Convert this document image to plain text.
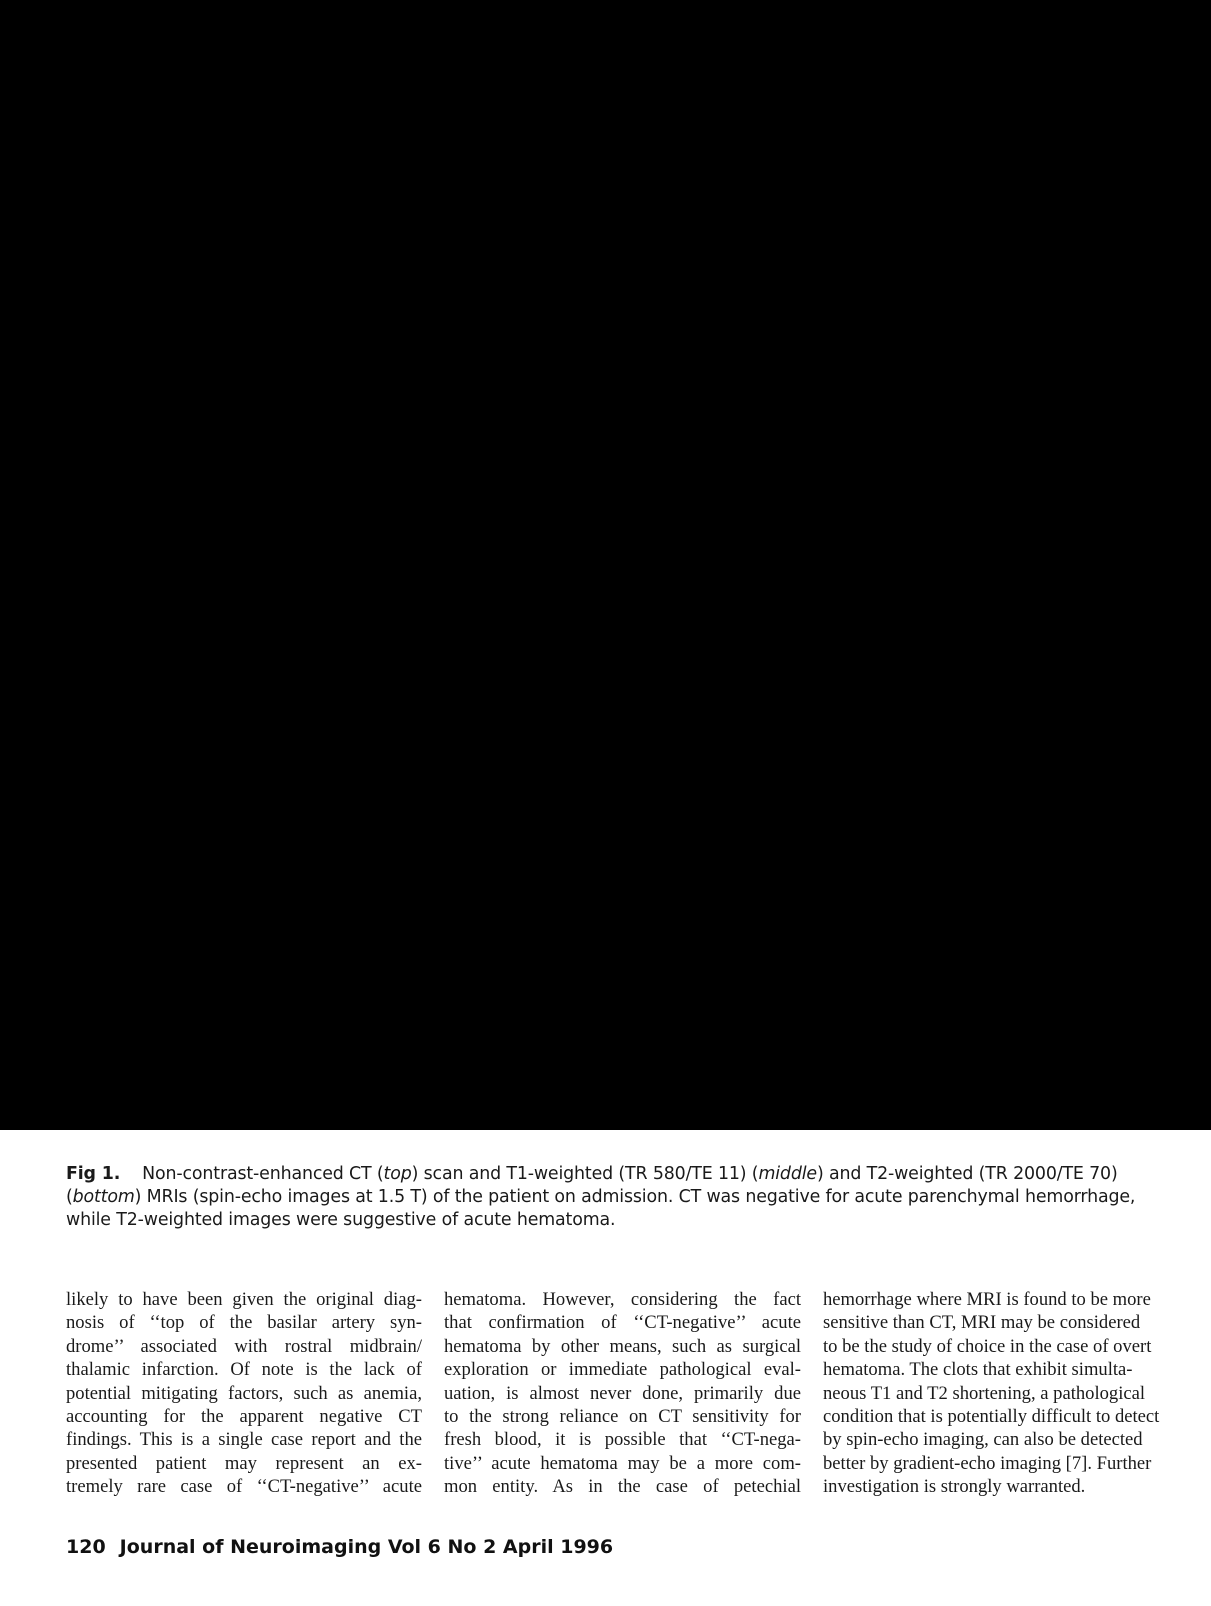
Fig 1. Non-contrast-enhanced CT (top) scan and T1-weighted (TR 580/TE 11) (middle) and T2-weighted (TR 2000/TE 70) (bottom) MRIs (spin-echo images at 1.5 T) of the patient on admission. CT was negative for acute parenchymal hemorrhage, while T2-weighted images were suggestive of acute hematoma.
likely to have been given the original diag-
nosis of ‘‘top of the basilar artery syn-
drome’’ associated with rostral midbrain/
thalamic infarction. Of note is the lack of
potential mitigating factors, such as anemia,
accounting for the apparent negative CT
findings. This is a single case report and the
presented patient may represent an ex-
tremely rare case of ‘‘CT-negative’’ acute
hematoma. However, considering the fact
that confirmation of ‘‘CT-negative’’ acute
hematoma by other means, such as surgical
exploration or immediate pathological eval-
uation, is almost never done, primarily due
to the strong reliance on CT sensitivity for
fresh blood, it is possible that ‘‘CT-nega-
tive’’ acute hematoma may be a more com-
mon entity. As in the case of petechial
hemorrhage where MRI is found to be more
sensitive than CT, MRI may be considered
to be the study of choice in the case of overt
hematoma. The clots that exhibit simulta-
neous T1 and T2 shortening, a pathological
condition that is potentially difficult to detect
by spin-echo imaging, can also be detected
better by gradient-echo imaging [7]. Further
investigation is strongly warranted.
120 Journal of Neuroimaging Vol 6 No 2 April 1996
